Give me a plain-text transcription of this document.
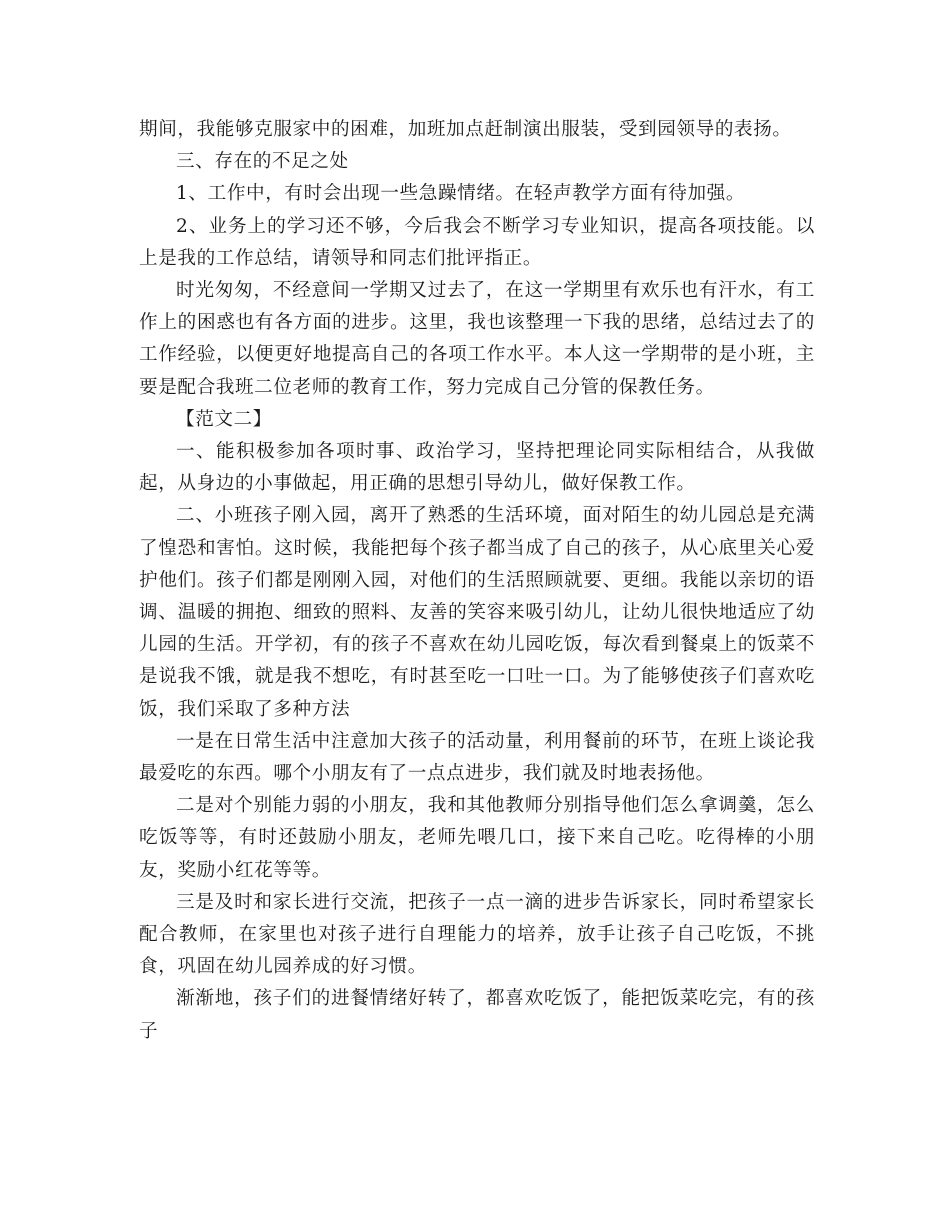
期间，我能够克服家中的困难，加班加点赶制演出服装，受到园领导的表扬。

三、存在的不足之处

1、工作中，有时会出现一些急躁情绪。在轻声教学方面有待加强。

2、业务上的学习还不够，今后我会不断学习专业知识，提高各项技能。以上是我的工作总结，请领导和同志们批评指正。

时光匆匆，不经意间一学期又过去了，在这一学期里有欢乐也有汗水，有工作上的困惑也有各方面的进步。这里，我也该整理一下我的思绪，总结过去了的工作经验，以便更好地提高自己的各项工作水平。本人这一学期带的是小班，主要是配合我班二位老师的教育工作，努力完成自己分管的保教任务。

【范文二】

一、能积极参加各项时事、政治学习，坚持把理论同实际相结合，从我做起，从身边的小事做起，用正确的思想引导幼儿，做好保教工作。

二、小班孩子刚入园，离开了熟悉的生活环境，面对陌生的幼儿园总是充满了惶恐和害怕。这时候，我能把每个孩子都当成了自己的孩子，从心底里关心爱护他们。孩子们都是刚刚入园，对他们的生活照顾就要、更细。我能以亲切的语调、温暖的拥抱、细致的照料、友善的笑容来吸引幼儿，让幼儿很快地适应了幼儿园的生活。开学初，有的孩子不喜欢在幼儿园吃饭，每次看到餐桌上的饭菜不是说我不饿，就是我不想吃，有时甚至吃一口吐一口。为了能够使孩子们喜欢吃饭，我们采取了多种方法

一是在日常生活中注意加大孩子的活动量，利用餐前的环节，在班上谈论我最爱吃的东西。哪个小朋友有了一点点进步，我们就及时地表扬他。

二是对个别能力弱的小朋友，我和其他教师分别指导他们怎么拿调羹，怎么吃饭等等，有时还鼓励小朋友，老师先喂几口，接下来自己吃。吃得棒的小朋友，奖励小红花等等。

三是及时和家长进行交流，把孩子一点一滴的进步告诉家长，同时希望家长配合教师，在家里也对孩子进行自理能力的培养，放手让孩子自己吃饭，不挑食，巩固在幼儿园养成的好习惯。

渐渐地，孩子们的进餐情绪好转了，都喜欢吃饭了，能把饭菜吃完，有的孩子
